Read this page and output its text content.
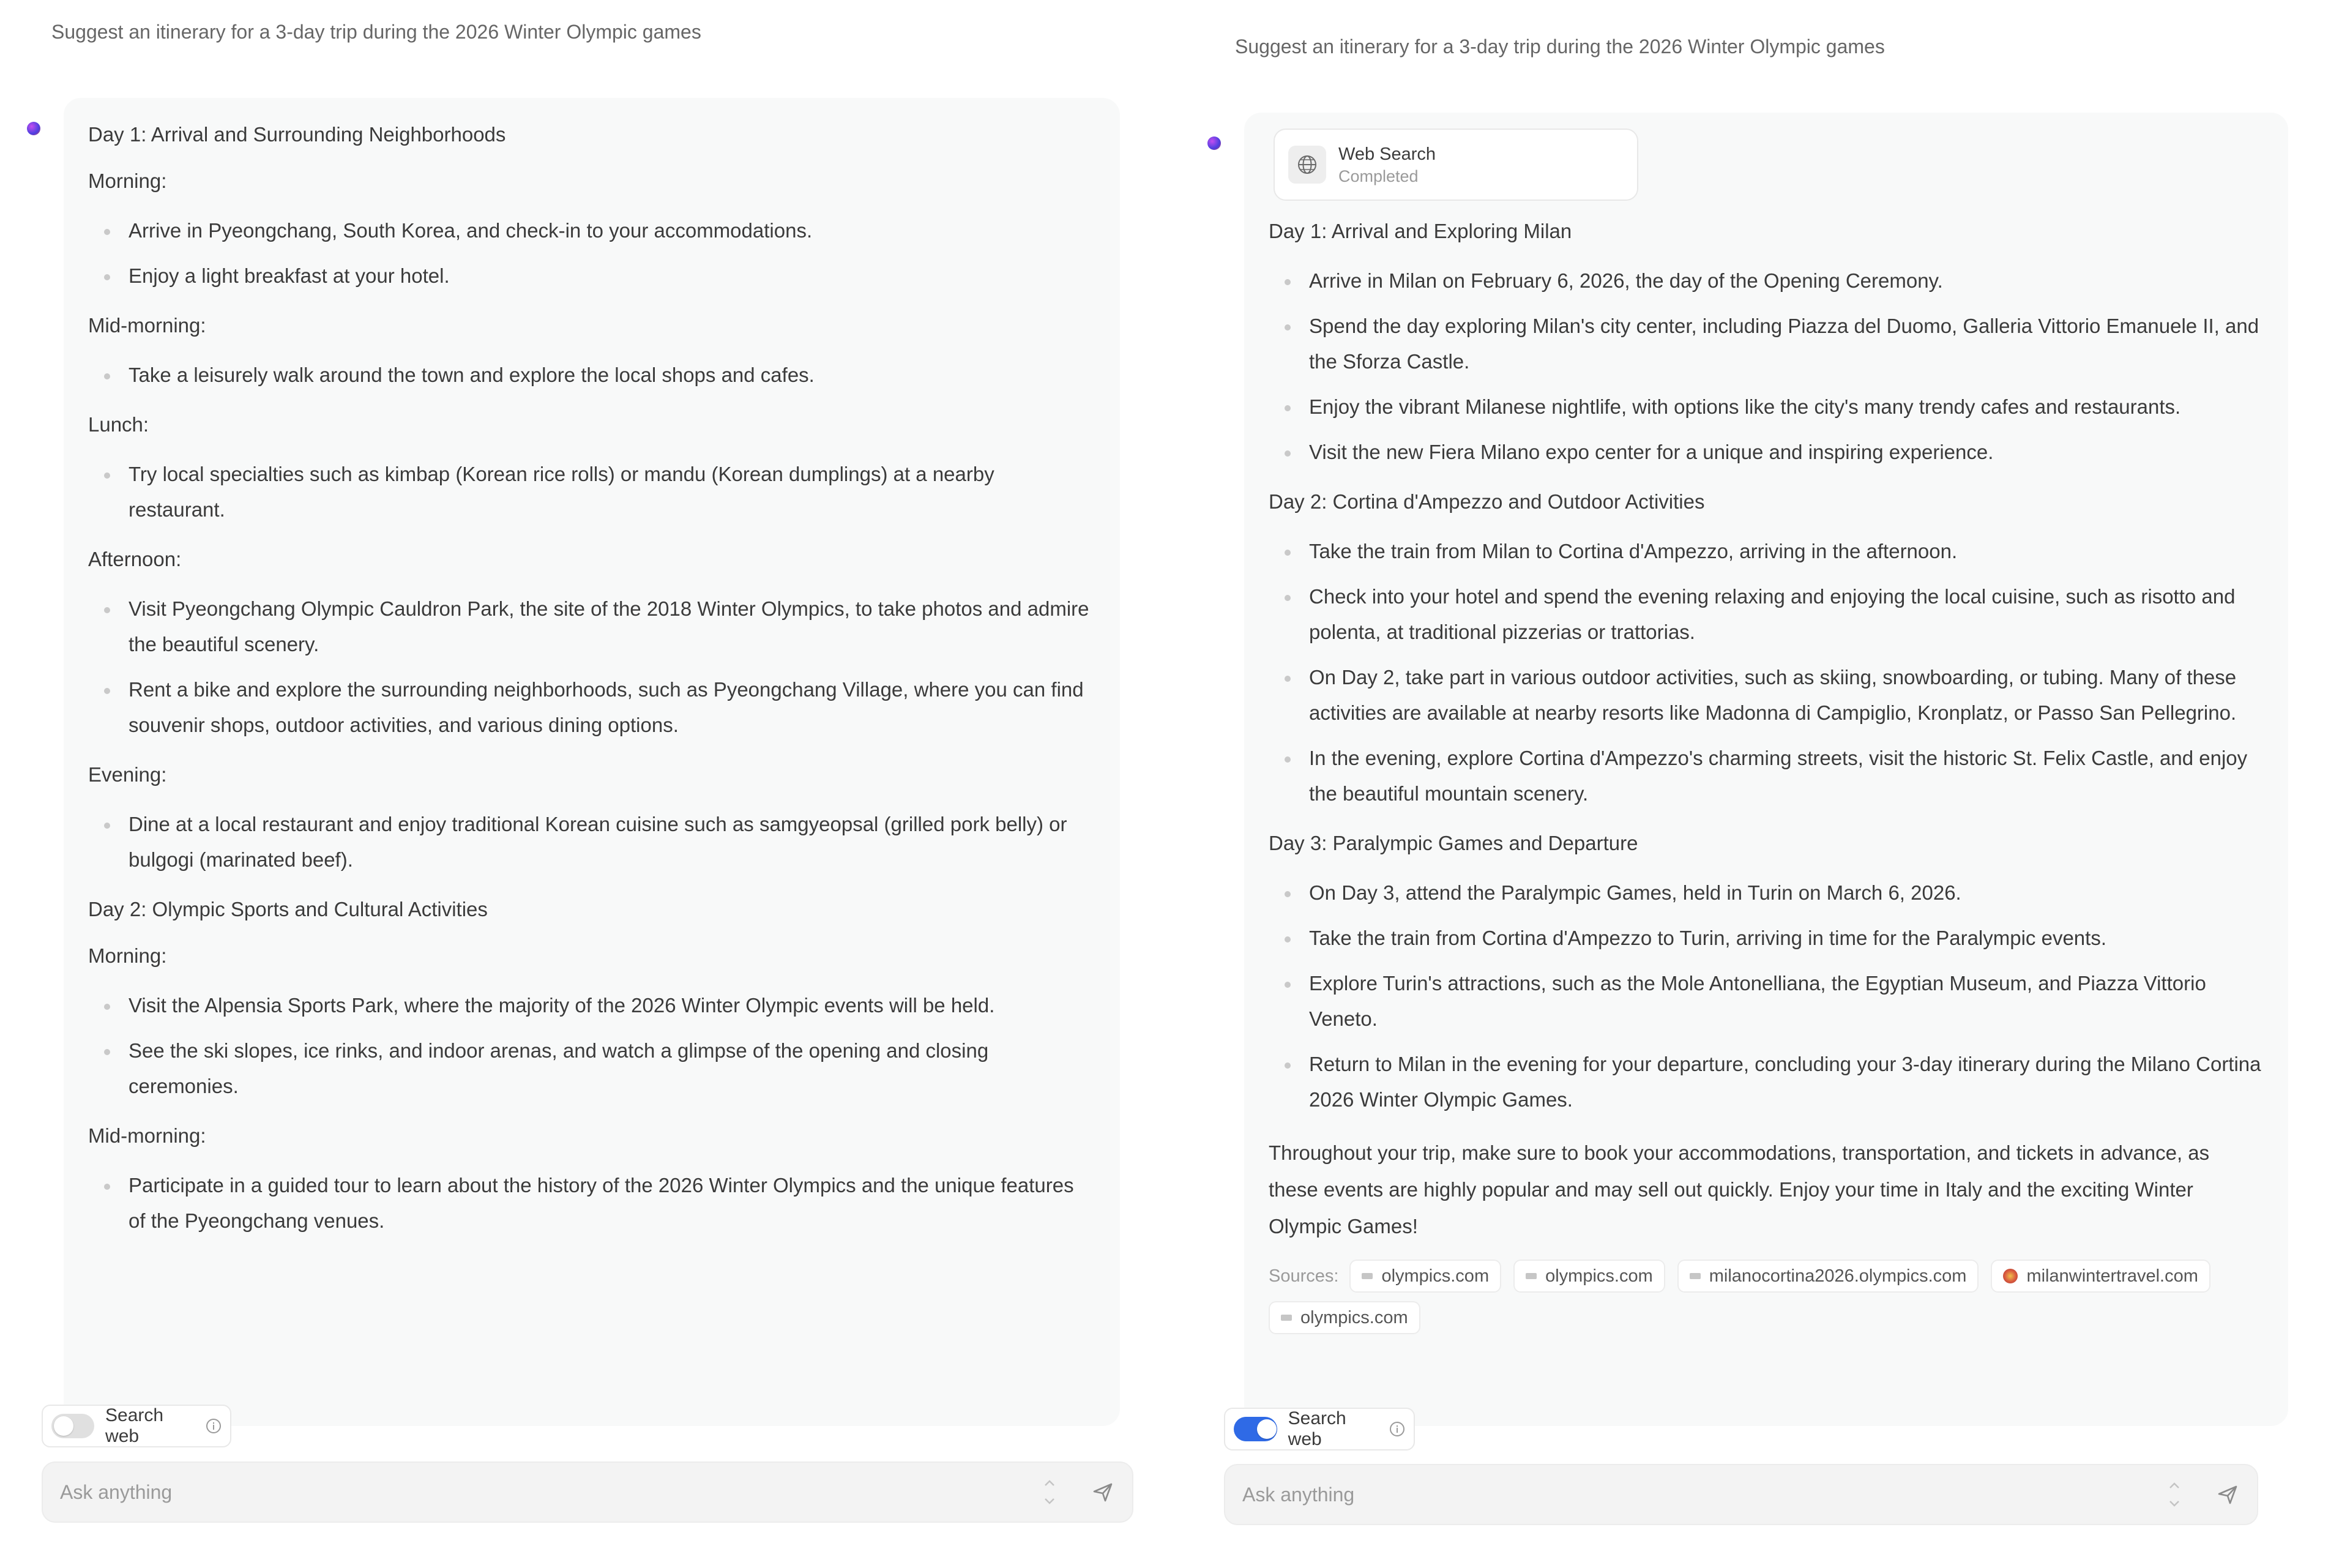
Suggest an itinerary for a 3-day trip during the 2026 Winter Olympic games

Day 1: Arrival and Surrounding Neighborhoods

Morning:

Arrive in Pyeongchang, South Korea, and check-in to your accommodations.
Enjoy a light breakfast at your hotel.

Mid-morning:

Take a leisurely walk around the town and explore the local shops and cafes.

Lunch:

Try local specialties such as kimbap (Korean rice rolls) or mandu (Korean dumplings) at a nearby restaurant.

Afternoon:

Visit Pyeongchang Olympic Cauldron Park, the site of the 2018 Winter Olympics, to take photos and admire the beautiful scenery.
Rent a bike and explore the surrounding neighborhoods, such as Pyeongchang Village, where you can find souvenir shops, outdoor activities, and various dining options.

Evening:

Dine at a local restaurant and enjoy traditional Korean cuisine such as samgyeopsal (grilled pork belly) or bulgogi (marinated beef).

Day 2: Olympic Sports and Cultural Activities

Morning:

Visit the Alpensia Sports Park, where the majority of the 2026 Winter Olympic events will be held.
See the ski slopes, ice rinks, and indoor arenas, and watch a glimpse of the opening and closing ceremonies.

Mid-morning:

Participate in a guided tour to learn about the history of the 2026 Winter Olympics and the unique features of the Pyeongchang venues.
Search web
Ask anything
Suggest an itinerary for a 3-day trip during the 2026 Winter Olympic games
Web Search
Completed

Day 1: Arrival and Exploring Milan

Arrive in Milan on February 6, 2026, the day of the Opening Ceremony.
Spend the day exploring Milan's city center, including Piazza del Duomo, Galleria Vittorio Emanuele II, and the Sforza Castle.
Enjoy the vibrant Milanese nightlife, with options like the city's many trendy cafes and restaurants.
Visit the new Fiera Milano expo center for a unique and inspiring experience.

Day 2: Cortina d'Ampezzo and Outdoor Activities

Take the train from Milan to Cortina d'Ampezzo, arriving in the afternoon.
Check into your hotel and spend the evening relaxing and enjoying the local cuisine, such as risotto and polenta, at traditional pizzerias or trattorias.
On Day 2, take part in various outdoor activities, such as skiing, snowboarding, or tubing. Many of these activities are available at nearby resorts like Madonna di Campiglio, Kronplatz, or Passo San Pellegrino.
In the evening, explore Cortina d'Ampezzo's charming streets, visit the historic St. Felix Castle, and enjoy the beautiful mountain scenery.

Day 3: Paralympic Games and Departure

On Day 3, attend the Paralympic Games, held in Turin on March 6, 2026.
Take the train from Cortina d'Ampezzo to Turin, arriving in time for the Paralympic events.
Explore Turin's attractions, such as the Mole Antonelliana, the Egyptian Museum, and Piazza Vittorio Veneto.
Return to Milan in the evening for your departure, concluding your 3-day itinerary during the Milano Cortina 2026 Winter Olympic Games.

Throughout your trip, make sure to book your accommodations, transportation, and tickets in advance, as these events are highly popular and may sell out quickly. Enjoy your time in Italy and the exciting Winter Olympic Games!

Sources: olympics.com	olympics.com	milanocortina2026.olympics.com	milanwintertravel.com
olympics.com
Search web
Ask anything
